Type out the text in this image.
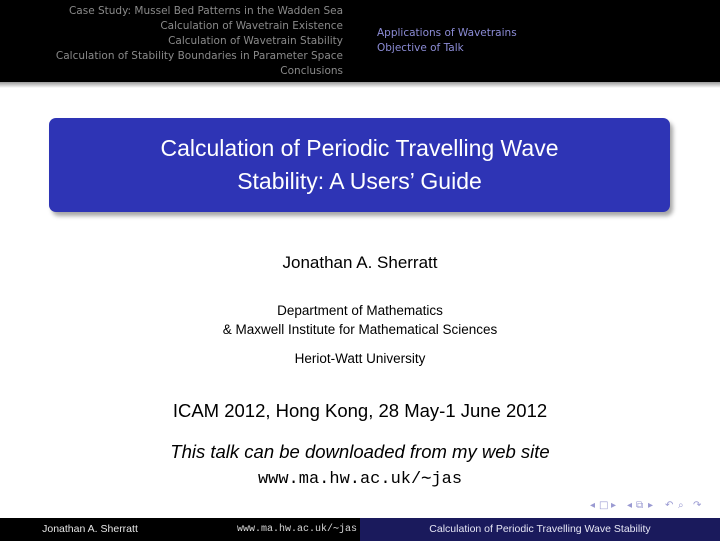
Case Study: Mussel Bed Patterns in the Wadden Sea
Calculation of Wavetrain Existence
Calculation of Wavetrain Stability
Calculation of Stability Boundaries in Parameter Space
Conclusions
Applications of Wavetrains
Objective of Talk
Calculation of Periodic Travelling Wave
Stability: A Users’ Guide
Jonathan A. Sherratt
Department of Mathematics
& Maxwell Institute for Mathematical Sciences
Heriot-Watt University
ICAM 2012, Hong Kong, 28 May-1 June 2012
This talk can be downloaded from my web site
www.ma.hw.ac.uk/∼jas
◂ □ ▸ ◂ ⧉ ▸ ↶ ⌕ ↷
Jonathan A. Sherratt	www.ma.hw.ac.uk/∼jas	Calculation of Periodic Travelling Wave Stability
